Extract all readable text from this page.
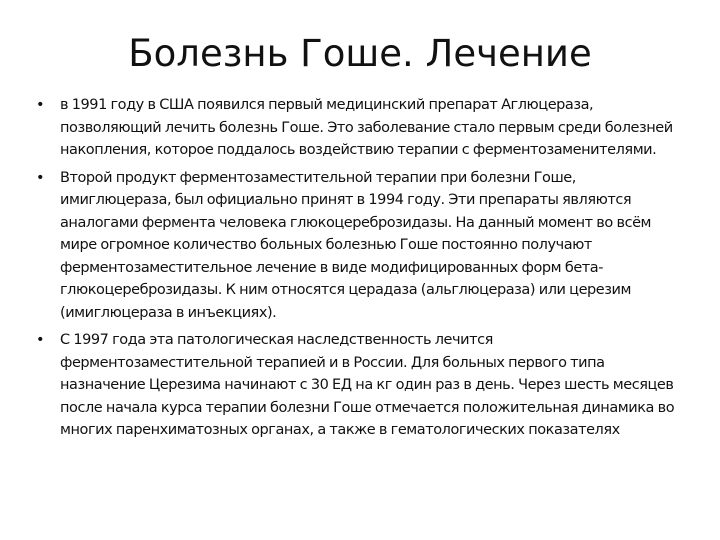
Болезнь Гоше. Лечение
• в 1991 году в США появился первый медицинский препарат Аглюцераза, позволяющий лечить болезнь Гоше. Это заболевание стало первым среди болезней накопления, которое поддалось воздействию терапии с ферментозаменителями.
• Второй продукт ферментозаместительной терапии при болезни Гоше, имиглюцераза, был официально принят в 1994 году. Эти препараты являются аналогами фермента человека глюкоцереброзидазы. На данный момент во всём мире огромное количество больных болезнью Гоше постоянно получают ферментозаместительное лечение в виде модифицированных форм бета-глюкоцереброзидазы. К ним относятся церадаза (альглюцераза) или церезим (имиглюцераза в инъекциях).
• С 1997 года эта патологическая наследственность лечится ферментозаместительной терапией и в России. Для больных первого типа назначение Церезима начинают с 30 ЕД на кг один раз в день. Через шесть месяцев после начала курса терапии болезни Гоше отмечается положительная динамика во многих паренхиматозных органах, а также в гематологических показателях
